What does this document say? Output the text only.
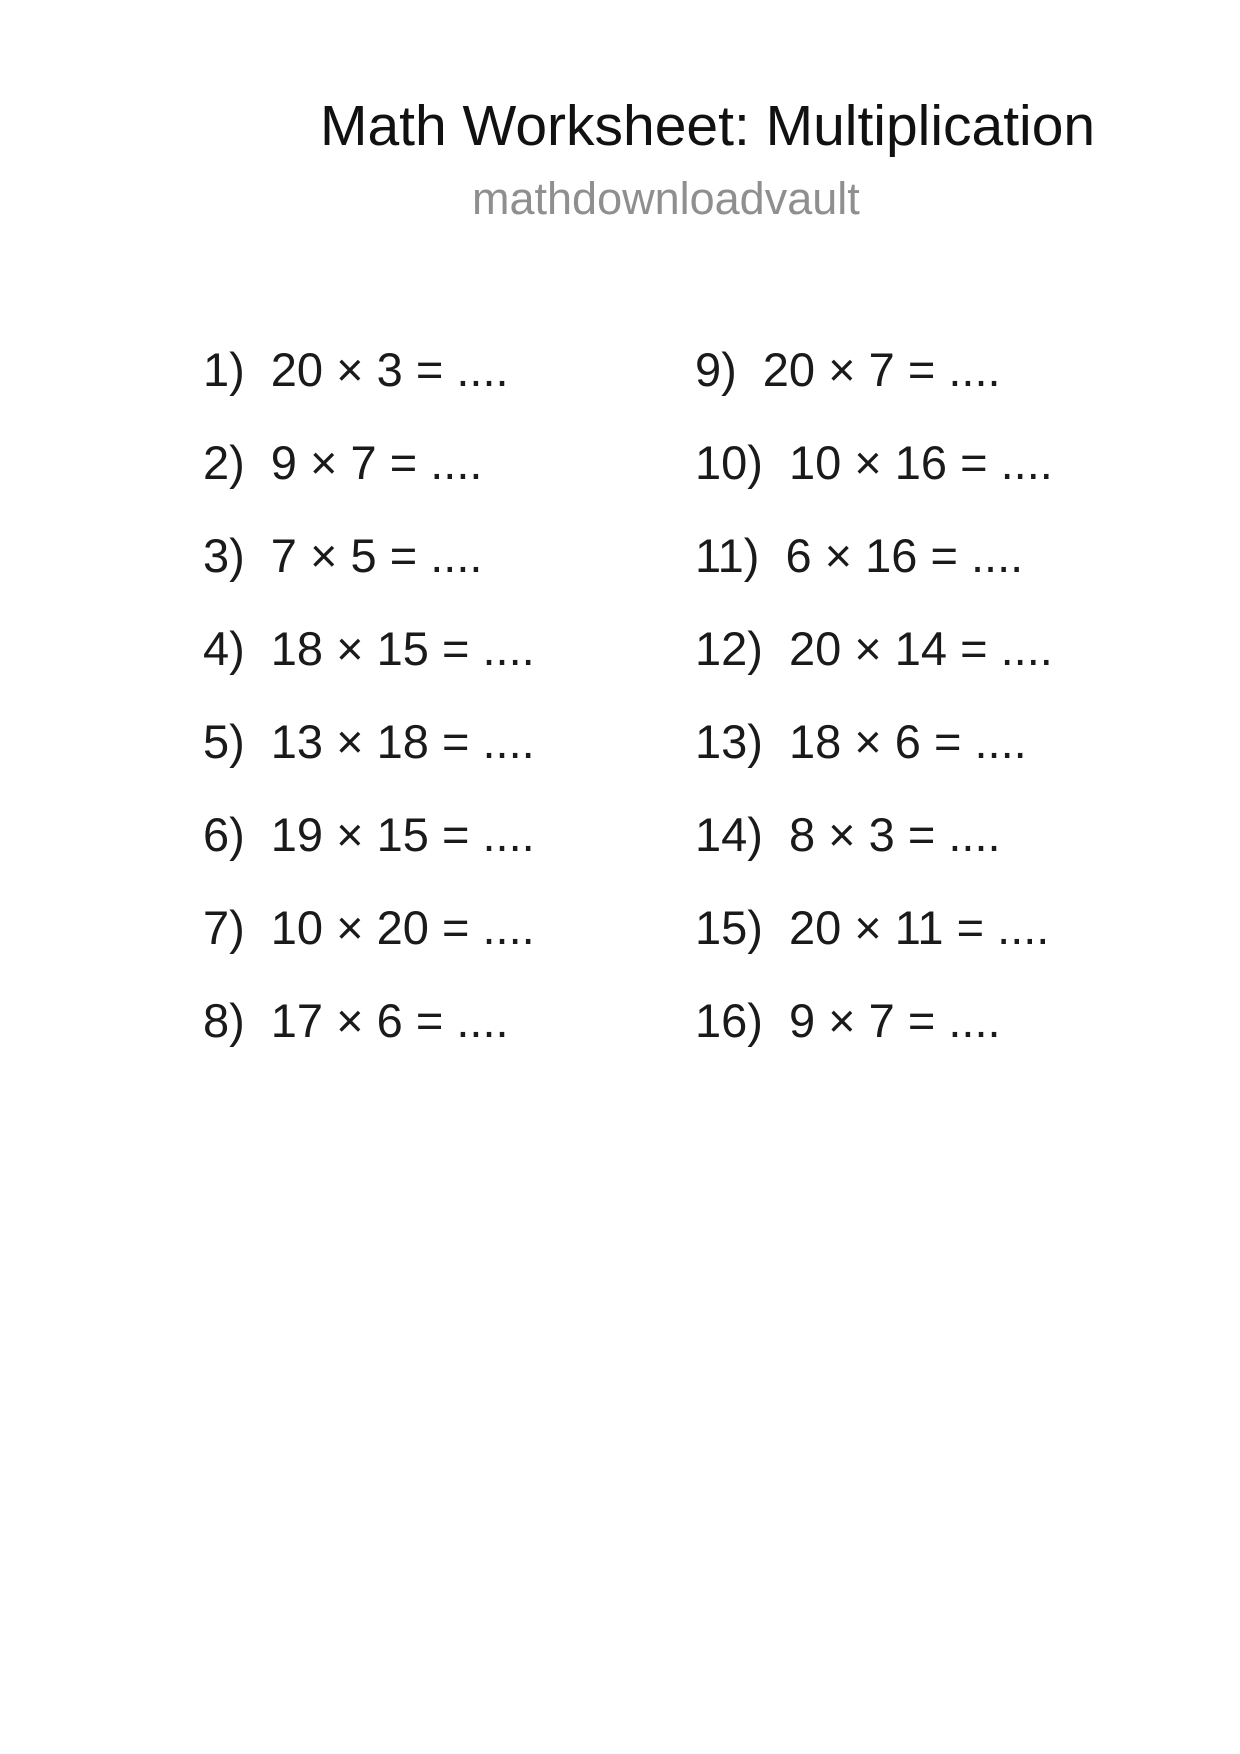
Math Worksheet: Multiplication
mathdownloadvault
1) 20 × 3 = ....
2) 9 × 7 = ....
3) 7 × 5 = ....
4) 18 × 15 = ....
5) 13 × 18 = ....
6) 19 × 15 = ....
7) 10 × 20 = ....
8) 17 × 6 = ....
9) 20 × 7 = ....
10) 10 × 16 = ....
11) 6 × 16 = ....
12) 20 × 14 = ....
13) 18 × 6 = ....
14) 8 × 3 = ....
15) 20 × 11 = ....
16) 9 × 7 = ....
